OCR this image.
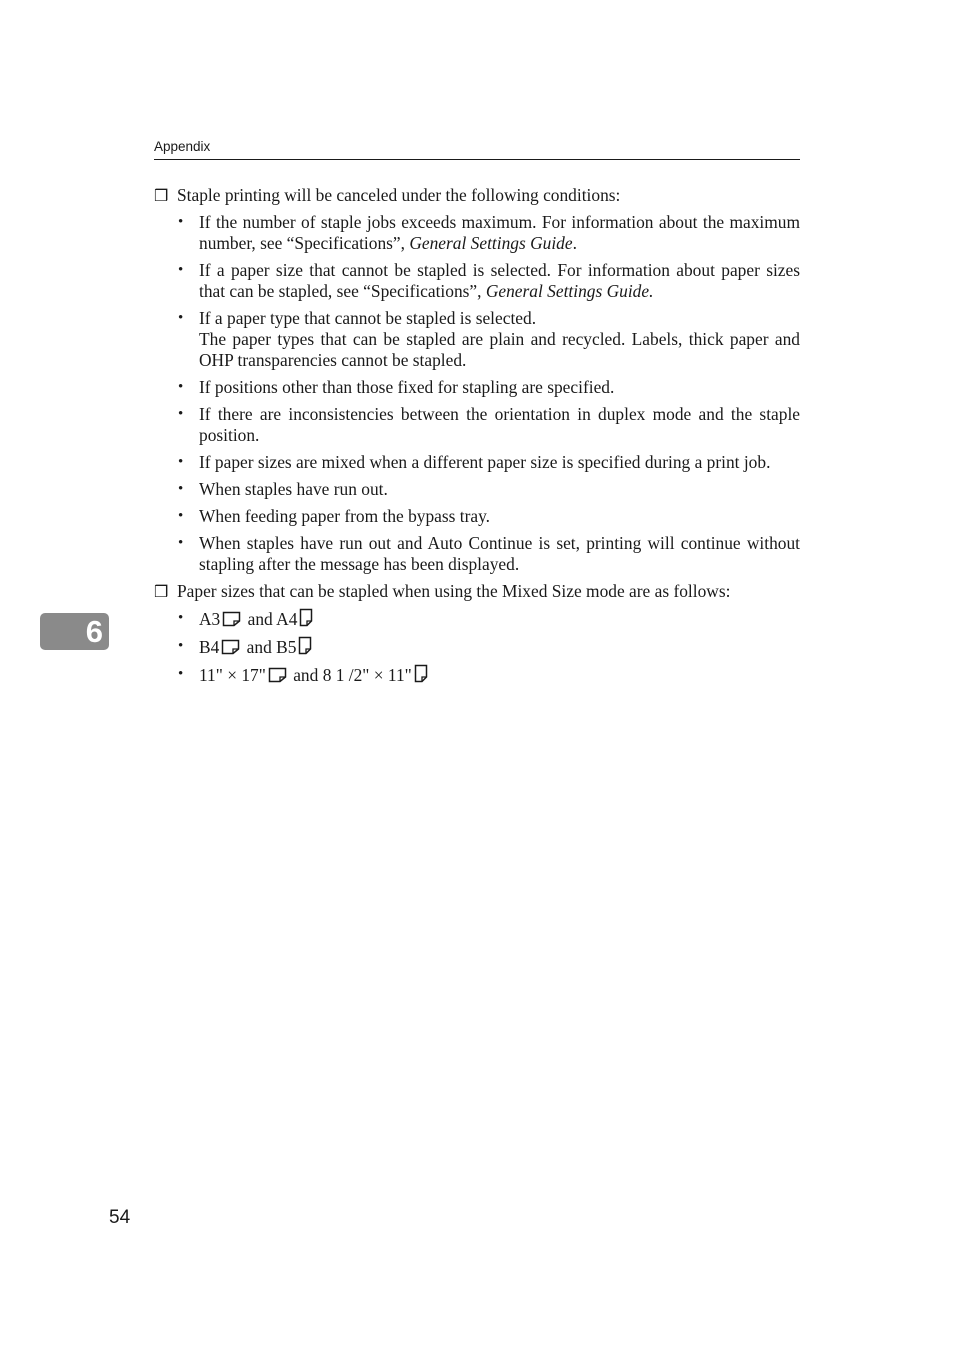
Appendix
❒ Staple printing will be canceled under the following conditions:
• If the number of staple jobs exceeds maximum. For information about the maximum number, see “Specifications”, General Settings Guide.
• If a paper size that cannot be stapled is selected. For information about paper sizes that can be stapled, see “Specifications”, General Settings Guide.
• If a paper type that cannot be stapled is selected.
The paper types that can be stapled are plain and recycled. Labels, thick paper and OHP transparencies cannot be stapled.
• If positions other than those fixed for stapling are specified.
• If there are inconsistencies between the orientation in duplex mode and the staple position.
• If paper sizes are mixed when a different paper size is specified during a print job.
• When staples have run out.
• When feeding paper from the bypass tray.
• When staples have run out and Auto Continue is set, printing will continue without stapling after the message has been displayed.
❒ Paper sizes that can be stapled when using the Mixed Size mode are as follows:
• A3 and A4
• B4 and B5
• 11" × 17" and 8 1 /2" × 11"
6
54
